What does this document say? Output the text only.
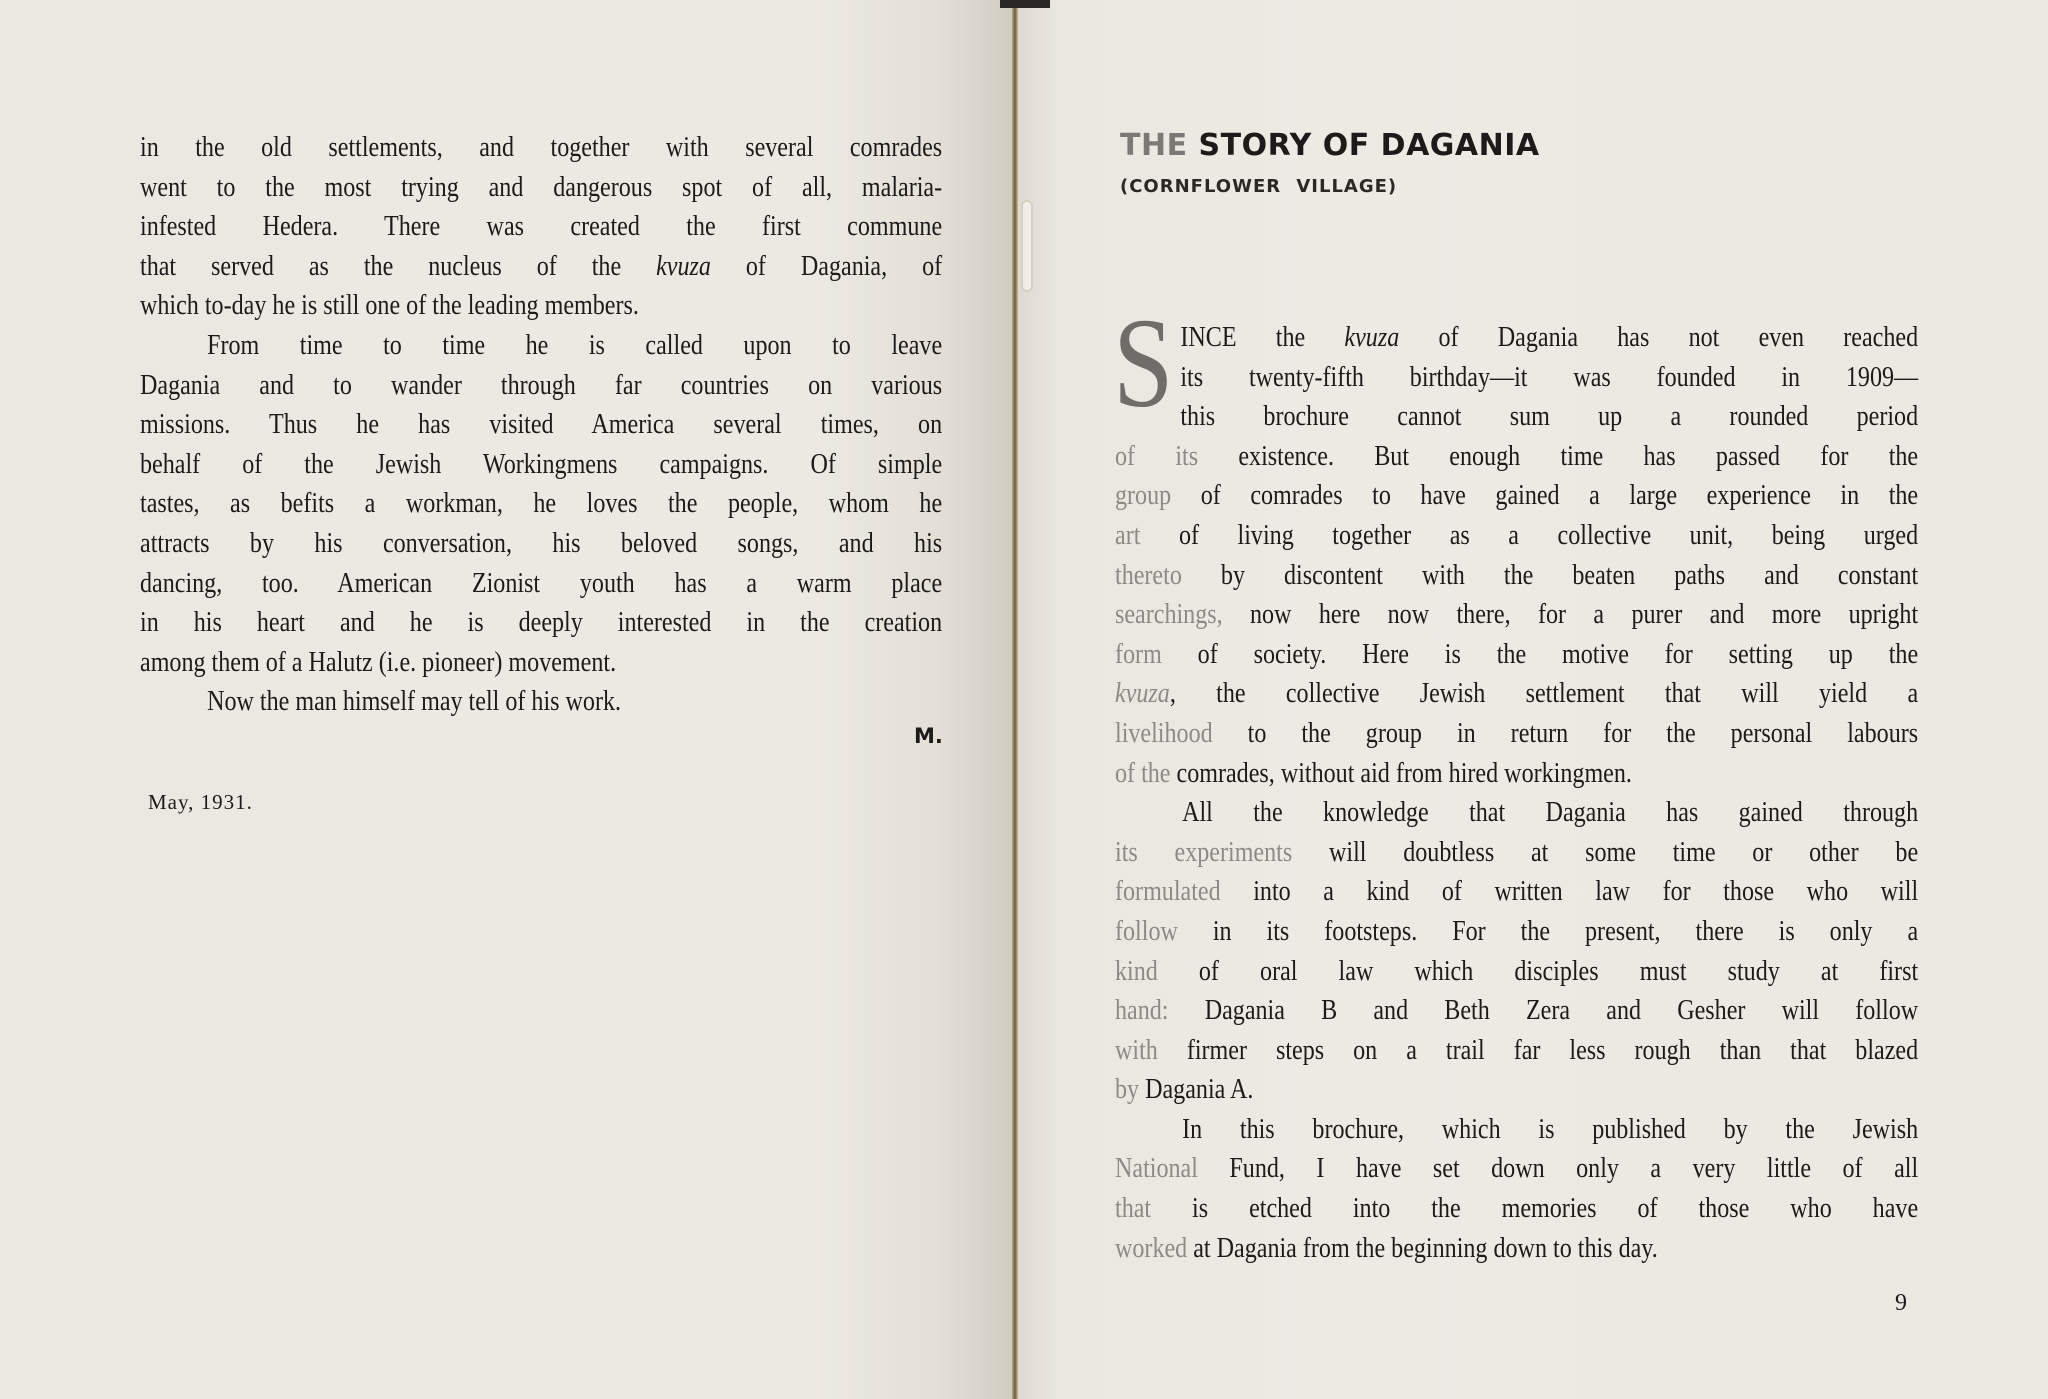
in the old settlements, and together with several comrades
went to the most trying and dangerous spot of all, malaria-
infested Hedera. There was created the first commune
that served as the nucleus of the kvuza of Dagania, of
which to-day he is still one of the leading members.
From time to time he is called upon to leave
Dagania and to wander through far countries on various
missions. Thus he has visited America several times, on
behalf of the Jewish Workingmens campaigns. Of simple
tastes, as befits a workman, he loves the people, whom he
attracts by his conversation, his beloved songs, and his
dancing, too. American Zionist youth has a warm place
in his heart and he is deeply interested in the creation
among them of a Halutz (i.e. pioneer) movement.
Now the man himself may tell of his work.
M.
May, 1931.
THE STORY OF DAGANIA
(CORNFLOWER VILLAGE)
S INCE the kvuza of Dagania has not even reached
its twenty-fifth birthday—it was founded in 1909—
this brochure cannot sum up a rounded period
of its existence. But enough time has passed for the
group of comrades to have gained a large experience in the
art of living together as a collective unit, being urged
thereto by discontent with the beaten paths and constant
searchings, now here now there, for a purer and more upright
form of society. Here is the motive for setting up the
kvuza, the collective Jewish settlement that will yield a
livelihood to the group in return for the personal labours
of the comrades, without aid from hired workingmen.
All the knowledge that Dagania has gained through
its experiments will doubtless at some time or other be
formulated into a kind of written law for those who will
follow in its footsteps. For the present, there is only a
kind of oral law which disciples must study at first
hand: Dagania B and Beth Zera and Gesher will follow
with firmer steps on a trail far less rough than that blazed
by Dagania A.
In this brochure, which is published by the Jewish
National Fund, I have set down only a very little of all
that is etched into the memories of those who have
worked at Dagania from the beginning down to this day.
9
